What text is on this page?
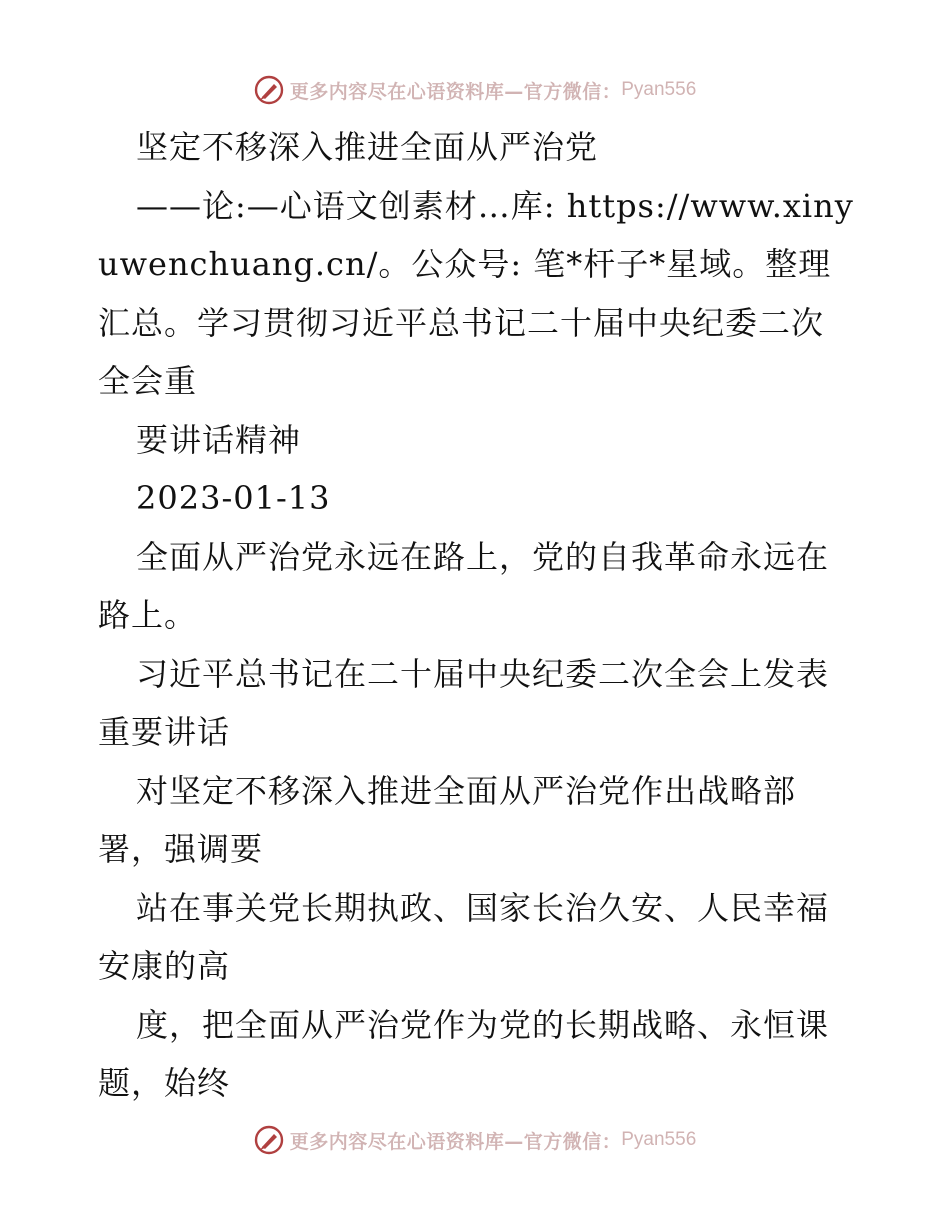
更多内容尽在心语资料库—官方微信： Pyan556

坚定不移深入推进全面从严治党

——论:—心语文创素材…库: https://www.xinyuwenchuang.cn/。公众号: 笔*杆子*星域。整理汇总。学习贯彻习近平总书记二十届中央纪委二次全会重

要讲话精神

2023-01-13

全面从严治党永远在路上，党的自我革命永远在路上。

习近平总书记在二十届中央纪委二次全会上发表重要讲话

对坚定不移深入推进全面从严治党作出战略部署，强调要

站在事关党长期执政、国家长治久安、人民幸福安康的高

度，把全面从严治党作为党的长期战略、永恒课题，始终

更多内容尽在心语资料库—官方微信： Pyan556
